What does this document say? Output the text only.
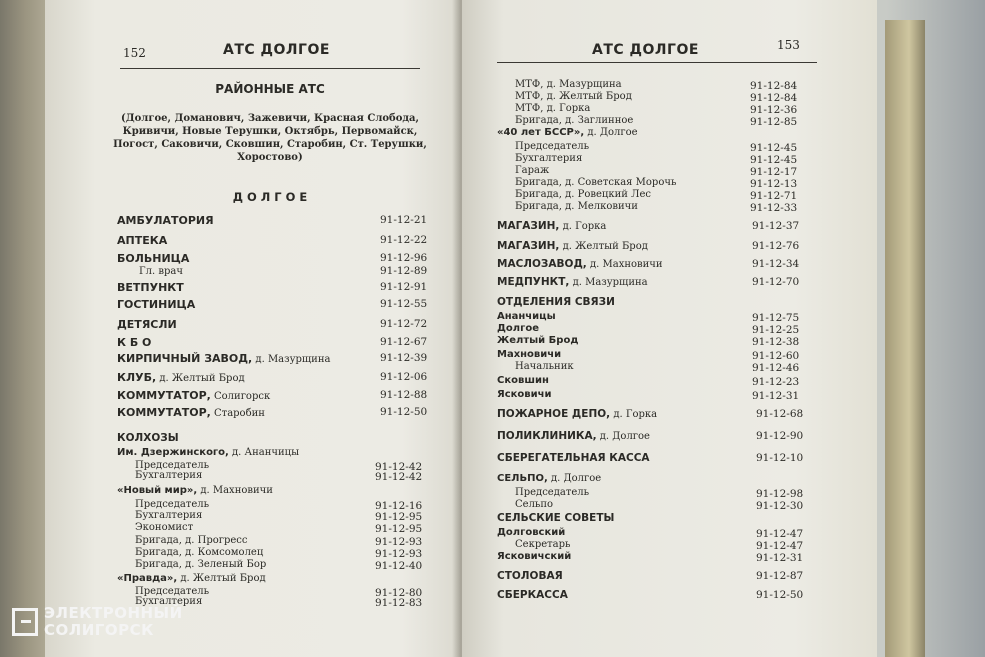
152	АТС ДОЛГОЕ
РАЙОННЫЕ АТС
(Долгое, Доманович, Зажевичи, Красная Слобода,
Кривичи, Новые Терушки, Октябрь, Первомайск,
Погост, Саковичи, Сковшин, Старобин, Ст. Терушки,
Хоростово)
Д О Л Г О Е
АМБУЛАТОРИЯ	91-12-21
АПТЕКА	91-12-22
БОЛЬНИЦА	91-12-96
Гл. врач	91-12-89
ВЕТПУНКТ	91-12-91
ГОСТИНИЦА	91-12-55
ДЕТЯСЛИ	91-12-72
К Б О	91-12-67
КИРПИЧНЫЙ ЗАВОД, д. Мазурщина	91-12-39
КЛУБ, д. Желтый Брод	91-12-06
КОММУТАТОР, Солигорск	91-12-88
КОММУТАТОР, Старобин	91-12-50
КОЛХОЗЫ
Им. Дзержинского, д. Ананчицы
Председатель	91-12-42
Бухгалтерия	91-12-42
«Новый мир», д. Махновичи
Председатель	91-12-16
Бухгалтерия	91-12-95
Экономист	91-12-95
Бригада, д. Прогресс	91-12-93
Бригада, д. Комсомолец	91-12-93
Бригада, д. Зеленый Бор	91-12-40
«Правда», д. Желтый Брод
Председатель	91-12-80
Бухгалтерия	91-12-83
АТС ДОЛГОЕ	153
МТФ, д. Мазурщина	91-12-84
МТФ, д. Желтый Брод	91-12-84
МТФ, д. Горка	91-12-36
Бригада, д. Заглинное	91-12-85
«40 лет БССР», д. Долгое
Председатель	91-12-45
Бухгалтерия	91-12-45
Гараж	91-12-17
Бригада, д. Советская Морочь	91-12-13
Бригада, д. Ровецкий Лес	91-12-71
Бригада, д. Мелковичи	91-12-33
МАГАЗИН, д. Горка	91-12-37
МАГАЗИН, д. Желтый Брод	91-12-76
МАСЛОЗАВОД, д. Махновичи	91-12-34
МЕДПУНКТ, д. Мазурщина	91-12-70
ОТДЕЛЕНИЯ СВЯЗИ
Ананчицы	91-12-75
Долгое	91-12-25
Желтый Брод	91-12-38
Махновичи	91-12-60
Начальник	91-12-46
Сковшин	91-12-23
Ясковичи	91-12-31
ПОЖАРНОЕ ДЕПО, д. Горка	91-12-68
ПОЛИКЛИНИКА, д. Долгое	91-12-90
СБЕРЕГАТЕЛЬНАЯ КАССА	91-12-10
СЕЛЬПО, д. Долгое
Председатель	91-12-98
Сельпо	91-12-30
СЕЛЬСКИЕ СОВЕТЫ
Долговский	91-12-47
Секретарь	91-12-47
Ясковичский	91-12-31
СТОЛОВАЯ	91-12-87
СБЕРКАССА	91-12-50
ЭЛЕКТРОННЫЙ
СОЛИГОРСК
